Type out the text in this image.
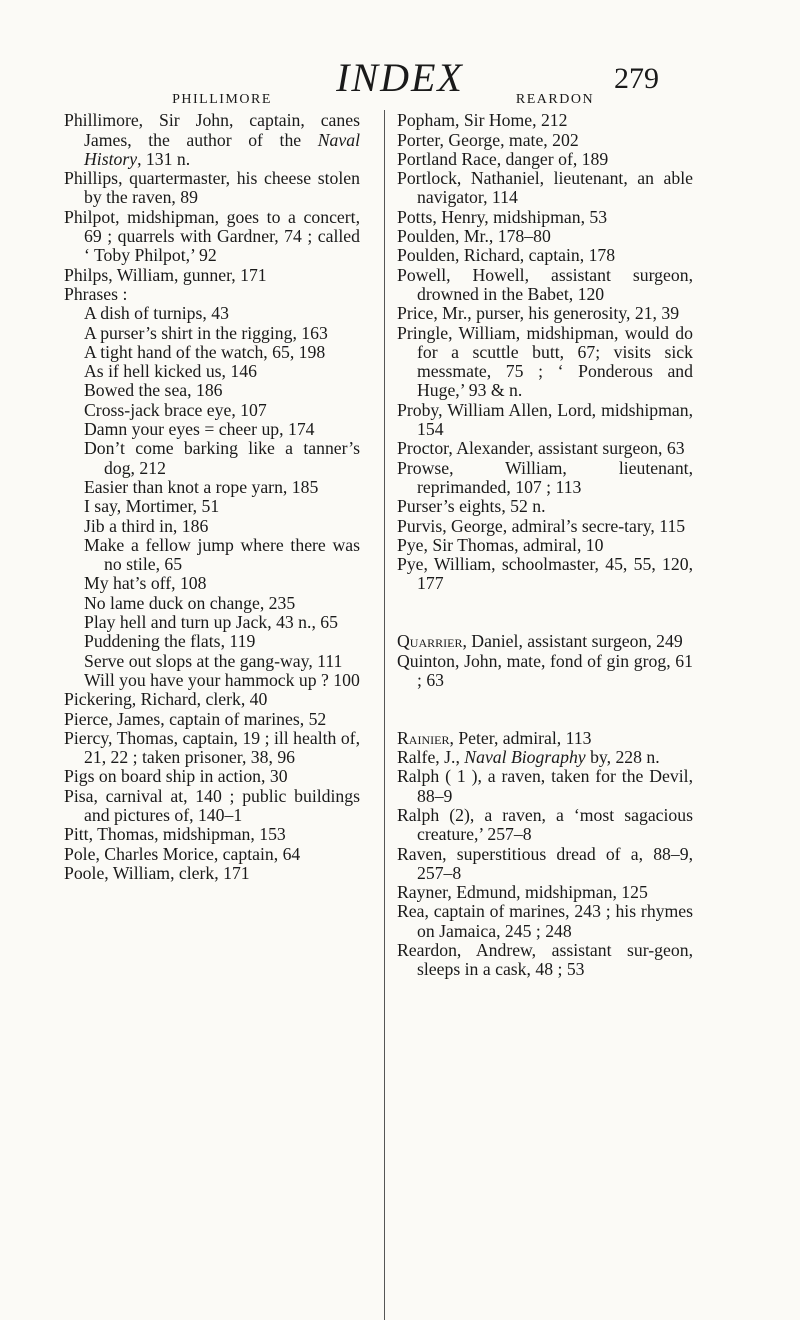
INDEX	279
PHILLIMORE

Phillimore, Sir John, captain, canes James, the author of the Naval History, 131 n.

Phillips, quartermaster, his cheese stolen by the raven, 89

Philpot, midshipman, goes to a concert, 69 ; quarrels with Gardner, 74 ; called ‘ Toby Philpot,’ 92

Philps, William, gunner, 171

Phrases :

A dish of turnips, 43

A purser’s shirt in the rigging, 163

A tight hand of the watch, 65, 198

As if hell kicked us, 146

Bowed the sea, 186

Cross-jack brace eye, 107

Damn your eyes = cheer up, 174

Don’t come barking like a tanner’s dog, 212

Easier than knot a rope yarn, 185

I say, Mortimer, 51

Jib a third in, 186

Make a fellow jump where there was no stile, 65

My hat’s off, 108

No lame duck on change, 235

Play hell and turn up Jack, 43 n., 65

Puddening the flats, 119

Serve out slops at the gang-way, 111

Will you have your hammock up ? 100

Pickering, Richard, clerk, 40

Pierce, James, captain of marines, 52

Piercy, Thomas, captain, 19 ; ill health of, 21, 22 ; taken prisoner, 38, 96

Pigs on board ship in action, 30

Pisa, carnival at, 140 ; public buildings and pictures of, 140–1

Pitt, Thomas, midshipman, 153

Pole, Charles Morice, captain, 64

Poole, William, clerk, 171

REARDON

Popham, Sir Home, 212

Porter, George, mate, 202

Portland Race, danger of, 189

Portlock, Nathaniel, lieutenant, an able navigator, 114

Potts, Henry, midshipman, 53

Poulden, Mr., 178–80

Poulden, Richard, captain, 178

Powell, Howell, assistant surgeon, drowned in the Babet, 120

Price, Mr., purser, his generosity, 21, 39

Pringle, William, midshipman, would do for a scuttle butt, 67; visits sick messmate, 75 ; ‘ Ponderous and Huge,’ 93 & n.

Proby, William Allen, Lord, midshipman, 154

Proctor, Alexander, assistant surgeon, 63

Prowse, William, lieutenant, reprimanded, 107 ; 113

Purser’s eights, 52 n.

Purvis, George, admiral’s secre-tary, 115

Pye, Sir Thomas, admiral, 10

Pye, William, schoolmaster, 45, 55, 120, 177

Quarrier, Daniel, assistant surgeon, 249

Quinton, John, mate, fond of gin grog, 61 ; 63

Rainier, Peter, admiral, 113

Ralfe, J., Naval Biography by, 228 n.

Ralph ( 1 ), a raven, taken for the Devil, 88–9

Ralph (2), a raven, a ‘most sagacious creature,’ 257–8

Raven, superstitious dread of a, 88–9, 257–8

Rayner, Edmund, midshipman, 125

Rea, captain of marines, 243 ; his rhymes on Jamaica, 245 ; 248

Reardon, Andrew, assistant sur-geon, sleeps in a cask, 48 ; 53
